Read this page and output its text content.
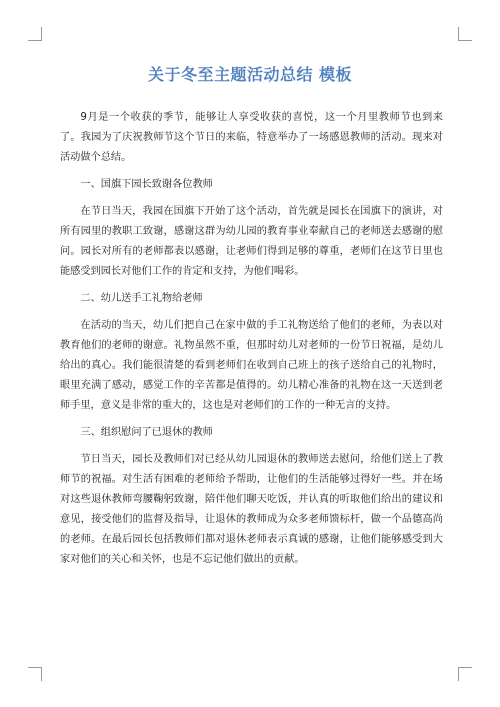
关于冬至主题活动总结 模板

9月是一个收获的季节，能够让人享受收获的喜悦，这一个月里教师节也到来了。我园为了庆祝教师节这个节日的来临，特意举办了一场感恩教师的活动。现来对活动做个总结。

一、国旗下园长致谢各位教师

在节日当天，我园在国旗下开始了这个活动，首先就是园长在国旗下的演讲，对所有园里的教职工致谢，感谢这群为幼儿园的教育事业奉献自己的老师送去感谢的慰问。园长对所有的老师都表以感谢，让老师们得到足够的尊重，老师们在这节日里也能感受到园长对他们工作的肯定和支持，为他们喝彩。

二、幼儿送手工礼物给老师

在活动的当天，幼儿们把自己在家中做的手工礼物送给了他们的老师，为表以对教育他们的老师的谢意。礼物虽然不重，但那时幼儿对老师的一份节日祝福，是幼儿给出的真心。我们能很清楚的看到老师们在收到自己班上的孩子送给自己的礼物时，眼里充满了感动，感觉工作的辛苦都是值得的。幼儿精心准备的礼物在这一天送到老师手里，意义是非常的重大的，这也是对老师们的工作的一种无言的支持。

三、组织慰问了已退休的教师

节日当天，园长及教师们对已经从幼儿园退休的教师送去慰问，给他们送上了教师节的祝福。对生活有困难的老师给予帮助，让他们的生活能够过得好一些。并在场对这些退休教师弯腰鞠躬致谢，陪伴他们聊天吃饭，并认真的听取他们给出的建议和意见，接受他们的监督及指导，让退休的教师成为众多老师馈标杆，做一个品德高尚的老师。在最后园长包括教师们都对退休老师表示真诚的感谢，让他们能够感受到大家对他们的关心和关怀，也是不忘记他们做出的贡献。
